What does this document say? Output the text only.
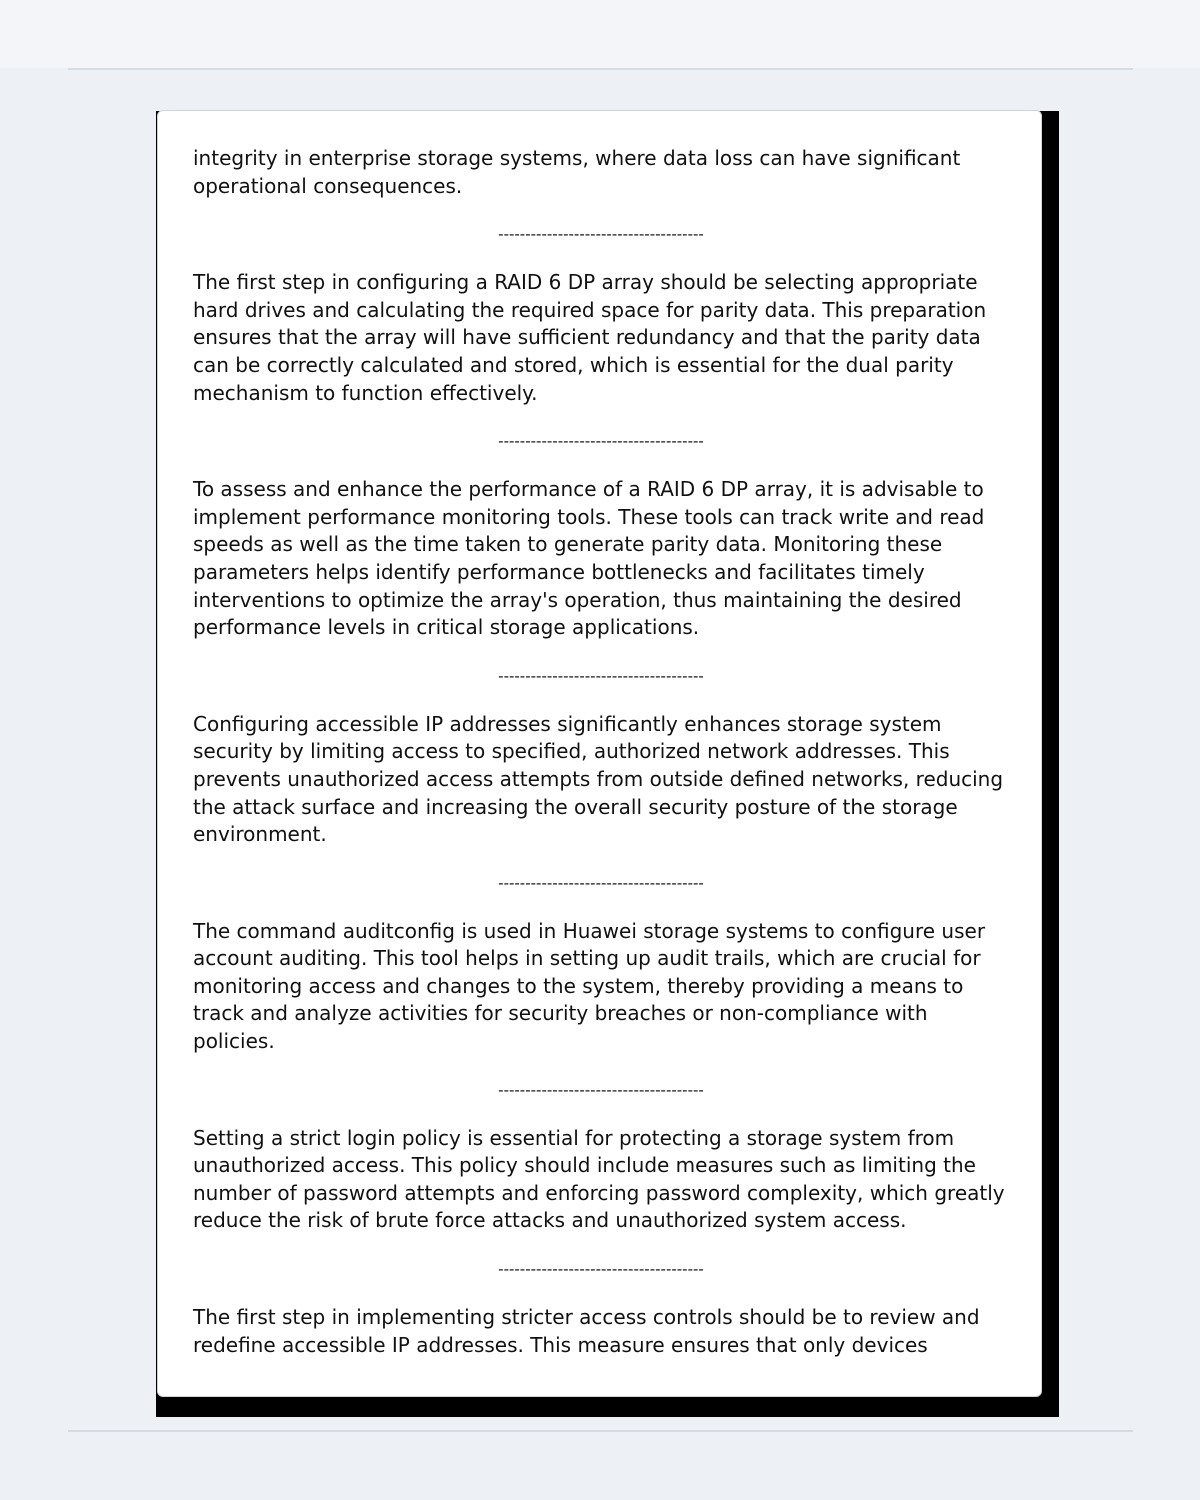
integrity in enterprise storage systems, where data loss can have significant operational consequences.

--------------------------------------

The first step in configuring a RAID 6 DP array should be selecting appropriate hard drives and calculating the required space for parity data. This preparation ensures that the array will have sufficient redundancy and that the parity data can be correctly calculated and stored, which is essential for the dual parity mechanism to function effectively.

--------------------------------------

To assess and enhance the performance of a RAID 6 DP array, it is advisable to implement performance monitoring tools. These tools can track write and read speeds as well as the time taken to generate parity data. Monitoring these parameters helps identify performance bottlenecks and facilitates timely interventions to optimize the array's operation, thus maintaining the desired performance levels in critical storage applications.

--------------------------------------

Configuring accessible IP addresses significantly enhances storage system security by limiting access to specified, authorized network addresses. This prevents unauthorized access attempts from outside defined networks, reducing the attack surface and increasing the overall security posture of the storage environment.

--------------------------------------

The command auditconfig is used in Huawei storage systems to configure user account auditing. This tool helps in setting up audit trails, which are crucial for monitoring access and changes to the system, thereby providing a means to track and analyze activities for security breaches or non-compliance with policies.

--------------------------------------

Setting a strict login policy is essential for protecting a storage system from unauthorized access. This policy should include measures such as limiting the number of password attempts and enforcing password complexity, which greatly reduce the risk of brute force attacks and unauthorized system access.

--------------------------------------

The first step in implementing stricter access controls should be to review and redefine accessible IP addresses. This measure ensures that only devices
